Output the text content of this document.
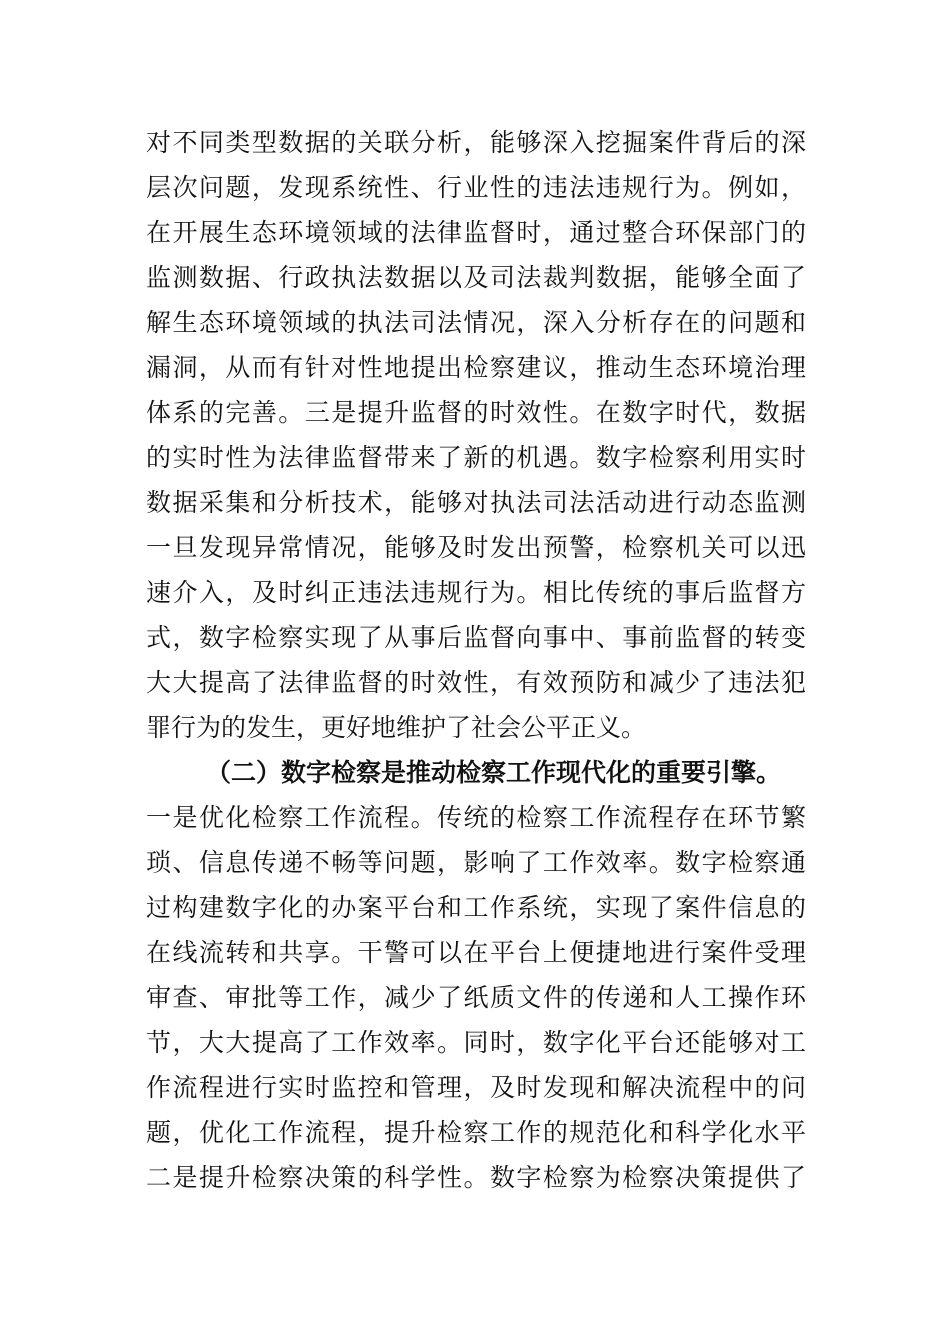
对不同类型数据的关联分析，能够深入挖掘案件背后的深
层次问题，发现系统性、行业性的违法违规行为。例如，
在开展生态环境领域的法律监督时，通过整合环保部门的
监测数据、行政执法数据以及司法裁判数据，能够全面了
解生态环境领域的执法司法情况，深入分析存在的问题和
漏洞，从而有针对性地提出检察建议，推动生态环境治理
体系的完善。三是提升监督的时效性。在数字时代，数据
的实时性为法律监督带来了新的机遇。数字检察利用实时
数据采集和分析技术，能够对执法司法活动进行动态监测
一旦发现异常情况，能够及时发出预警，检察机关可以迅
速介入，及时纠正违法违规行为。相比传统的事后监督方
式，数字检察实现了从事后监督向事中、事前监督的转变
大大提高了法律监督的时效性，有效预防和减少了违法犯
罪行为的发生，更好地维护了社会公平正义。
（二）数字检察是推动检察工作现代化的重要引擎。
一是优化检察工作流程。传统的检察工作流程存在环节繁
琐、信息传递不畅等问题，影响了工作效率。数字检察通
过构建数字化的办案平台和工作系统，实现了案件信息的
在线流转和共享。干警可以在平台上便捷地进行案件受理
审查、审批等工作，减少了纸质文件的传递和人工操作环
节，大大提高了工作效率。同时，数字化平台还能够对工
作流程进行实时监控和管理，及时发现和解决流程中的问
题，优化工作流程，提升检察工作的规范化和科学化水平
二是提升检察决策的科学性。数字检察为检察决策提供了
